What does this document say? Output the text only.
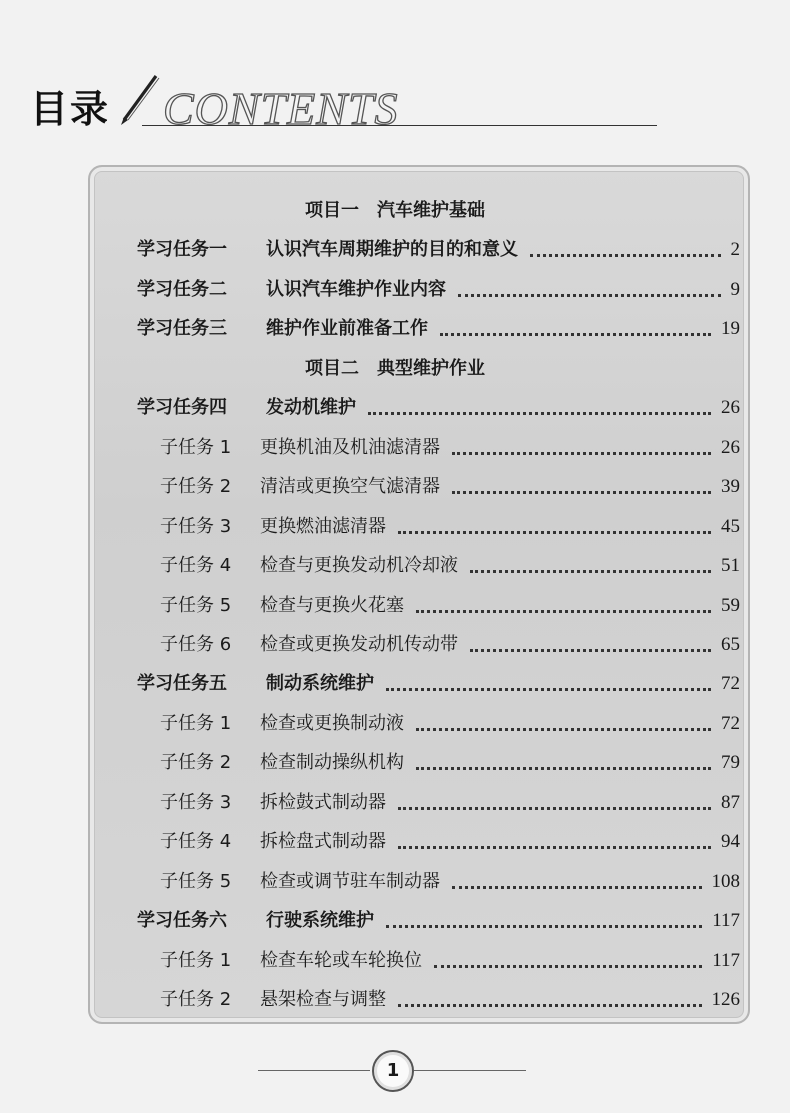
目录 CONTENTS
项目一　汽车维护基础
学习任务一 认识汽车周期维护的目的和意义	2
学习任务二 认识汽车维护作业内容	9
学习任务三 维护作业前准备工作	19
项目二　典型维护作业
学习任务四 发动机维护	26
子任务 1 更换机油及机油滤清器	26
子任务 2 清洁或更换空气滤清器	39
子任务 3 更换燃油滤清器	45
子任务 4 检查与更换发动机冷却液	51
子任务 5 检查与更换火花塞	59
子任务 6 检查或更换发动机传动带	65
学习任务五 制动系统维护	72
子任务 1 检查或更换制动液	72
子任务 2 检查制动操纵机构	79
子任务 3 拆检鼓式制动器	87
子任务 4 拆检盘式制动器	94
子任务 5 检查或调节驻车制动器	108
学习任务六 行驶系统维护	117
子任务 1 检查车轮或车轮换位	117
子任务 2 悬架检查与调整	126
1
